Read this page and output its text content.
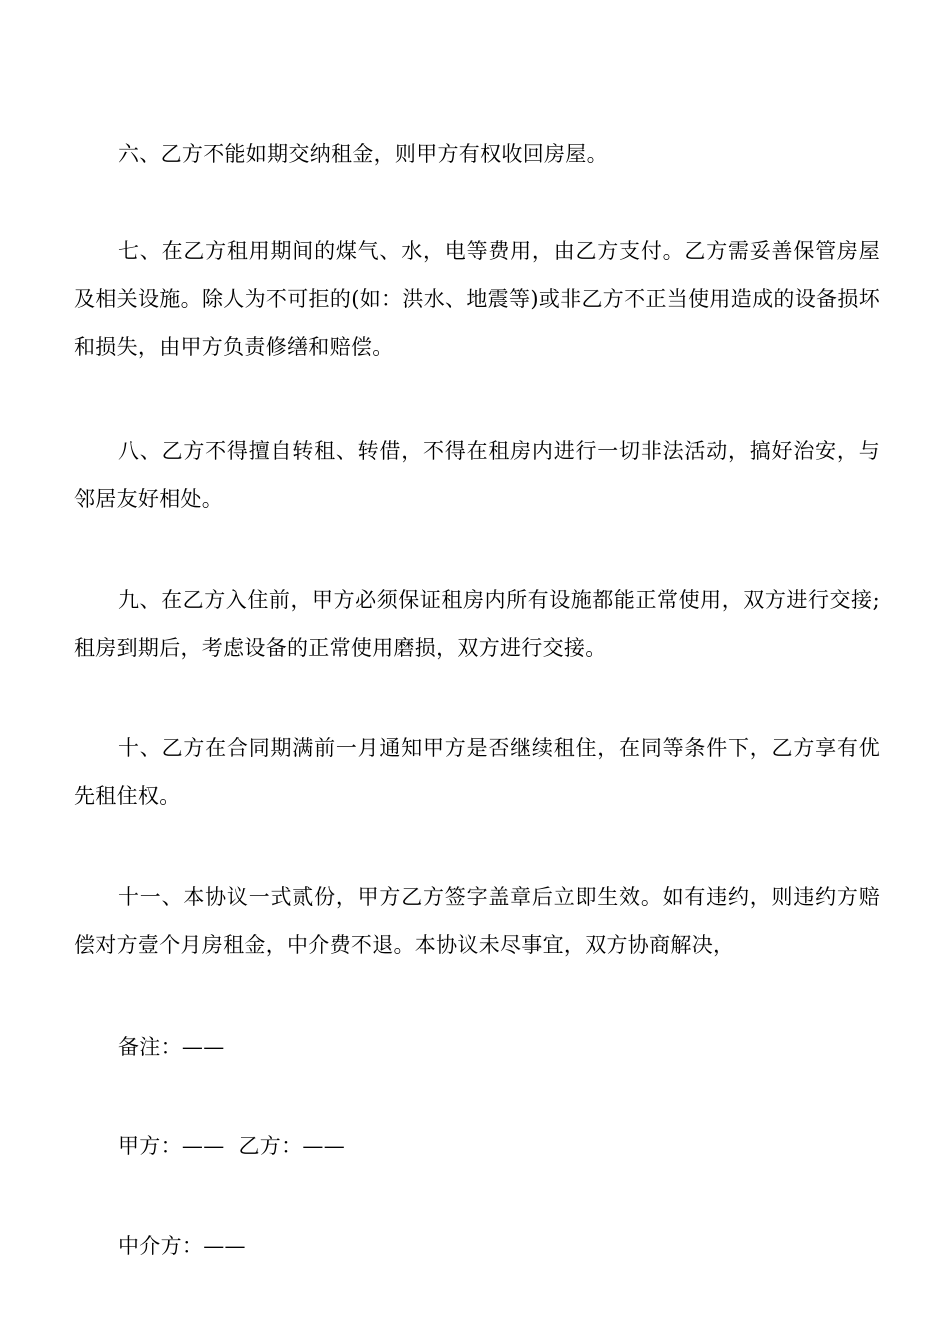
六、乙方不能如期交纳租金，则甲方有权收回房屋。

七、在乙方租用期间的煤气、水，电等费用，由乙方支付。乙方需妥善保管房屋及相关设施。除人为不可拒的(如：洪水、地震等)或非乙方不正当使用造成的设备损坏和损失，由甲方负责修缮和赔偿。

八、乙方不得擅自转租、转借，不得在租房内进行一切非法活动，搞好治安，与邻居友好相处。

九、在乙方入住前，甲方必须保证租房内所有设施都能正常使用，双方进行交接;租房到期后，考虑设备的正常使用磨损，双方进行交接。

十、乙方在合同期满前一月通知甲方是否继续租住，在同等条件下，乙方享有优先租住权。

十一、本协议一式贰份，甲方乙方签字盖章后立即生效。如有违约，则违约方赔偿对方壹个月房租金，中介费不退。本协议未尽事宜，双方协商解决，

备注：——

甲方：—— 乙方：——

中介方：——
